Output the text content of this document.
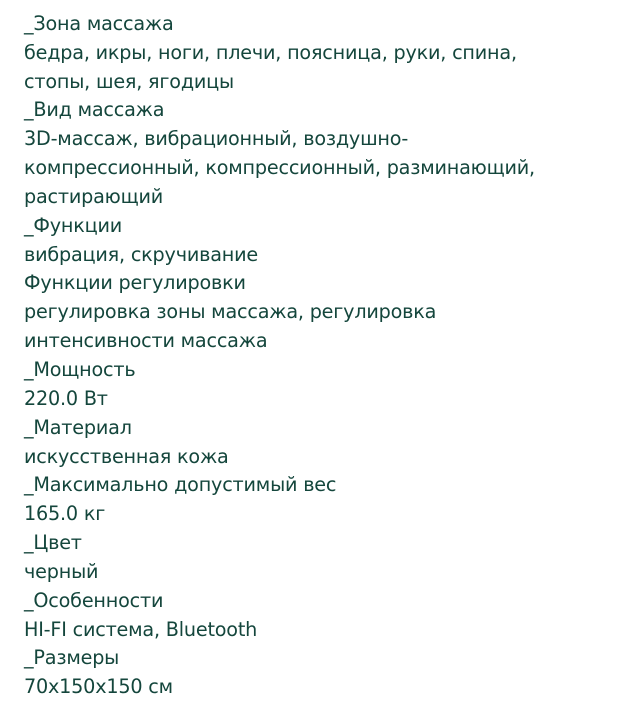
_Зона массажа

бедра, икры, ноги, плечи, поясница, руки, спина,

стопы, шея, ягодицы

_Вид массажа

3D-массаж, вибрационный, воздушно-

компрессионный, компрессионный, разминающий,

растирающий

_Функции

вибрация, скручивание

Функции регулировки

регулировка зоны массажа, регулировка

интенсивности массажа

_Мощность

220.0 Вт

_Материал

искусственная кожа

_Максимально допустимый вес

165.0 кг

_Цвет

черный

_Особенности

HI-FI система, Bluetooth

_Размеры

70x150x150 см
